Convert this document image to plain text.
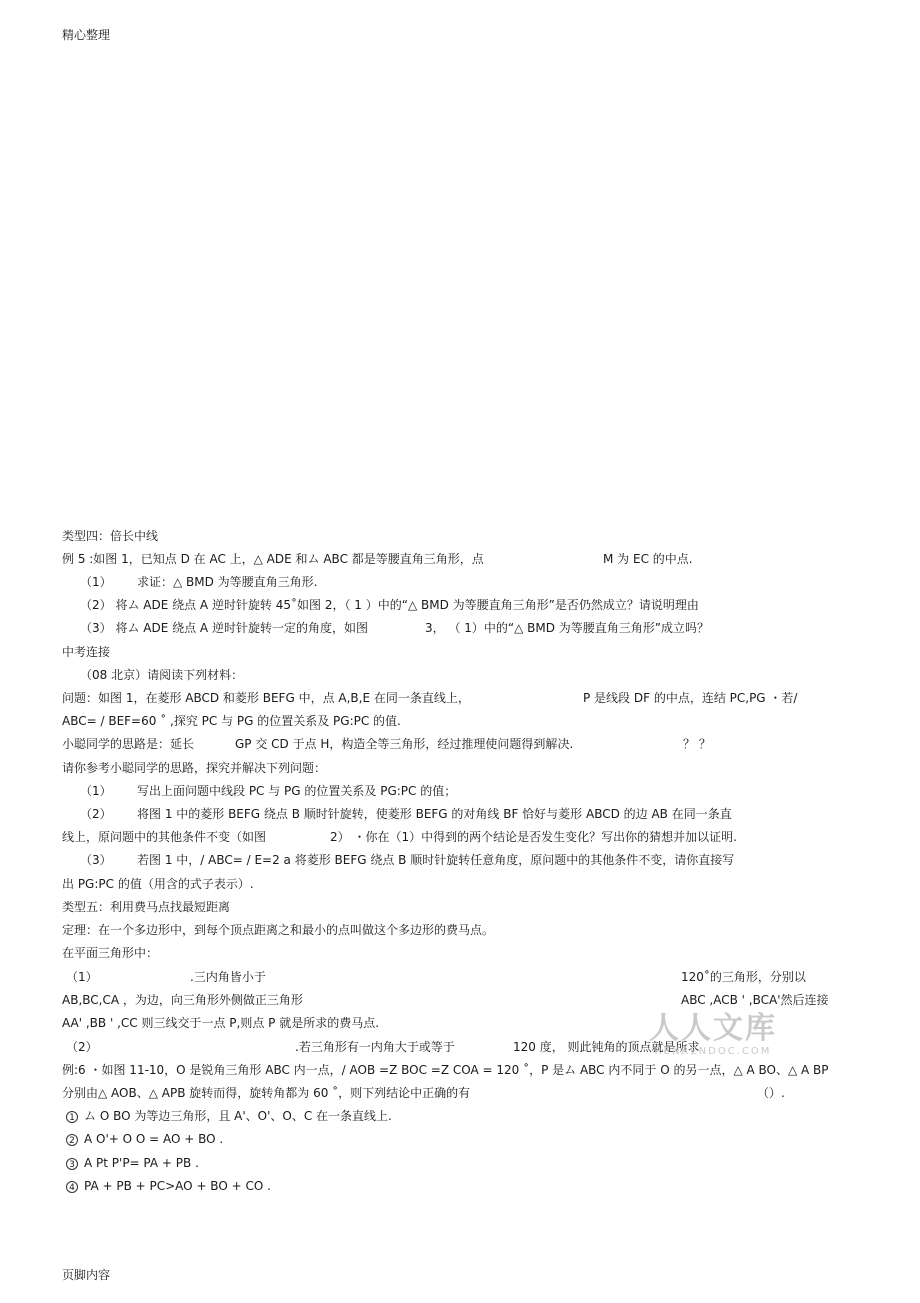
精心整理
类型四：倍长中线
例 5 :如图 1，已知点 D 在 AC 上，△ ADE 和ム ABC 都是等腰直角三角形，点	M 为 EC 的中点.
（1） 求证：△ BMD 为等腰直角三角形.
（2） 将ム ADE 绕点 A 逆时针旋转 45˚如图 2，（ 1 ）中的“△ BMD 为等腰直角三角形”是否仍然成立？请说明理由
（3） 将ム ADE 绕点 A 逆时针旋转一定的角度，如图	3， （ 1）中的“△ BMD 为等腰直角三角形”成立吗？
中考连接
（08 北京）请阅读下列材料：
问题：如图 1，在菱形 ABCD 和菱形 BEFG 中，点 A,B,E 在同一条直线上，	P 是线段 DF 的中点，连结 PC,PG ・若/
ABC= / BEF=60 ˚ ,探究 PC 与 PG 的位置关系及 PG:PC 的值.
小聪同学的思路是：延长	GP 交 CD 于点 H，构造全等三角形，经过推理使问题得到解决.	？ ？
请你参考小聪同学的思路，探究并解决下列问题：
（1） 写出上面问题中线段 PC 与 PG 的位置关系及 PG:PC 的值；
（2） 将图 1 中的菱形 BEFG 绕点 B 顺时针旋转，使菱形 BEFG 的对角线 BF 恰好与菱形 ABCD 的边 AB 在同一条直
线上，原问题中的其他条件不变（如图	2） ・你在（1）中得到的两个结论是否发生变化？写出你的猜想并加以证明.
（3） 若图 1 中，/ ABC= / E=2 a 将菱形 BEFG 绕点 B 顺时针旋转任意角度，原问题中的其他条件不变，请你直接写
出 PG:PC 的值（用含的式子表示）.
类型五：利用费马点找最短距离
定理：在一个多边形中，到每个顶点距离之和最小的点叫做这个多边形的费马点。
在平面三角形中：
（1）	.三内角皆小于	120˚的三角形，分别以
AB,BC,CA ，为边，向三角形外侧做正三角形	ABC ,ACB ' ,BCA'然后连接
AA' ,BB ' ,CC 则三线交于一点 P,则点 P 就是所求的费马点.
（2）	.若三角形有一内角大于或等于	120 度， 则此钝角的顶点就是所求
例:6 ・如图 11-10，O 是锐角三角形 ABC 内一点，/ AOB =Z BOC =Z COA = 120 ˚，P 是ム ABC 内不同于 O 的另一点，△ A BO、△ A BP
分别由△ AOB、△ APB 旋转而得，旋转角都为 60 ˚，则下列结论中正确的有	（）.
1 ム O BO 为等边三角形，且 A'、O'、O、C 在一条直线上.
2 A O'+ O O = AO + BO .
3 A Pt P'P= PA + PB .
4 PA + PB + PC>AO + BO + CO .
人人文库
RENRENDOC.COM
页脚内容
